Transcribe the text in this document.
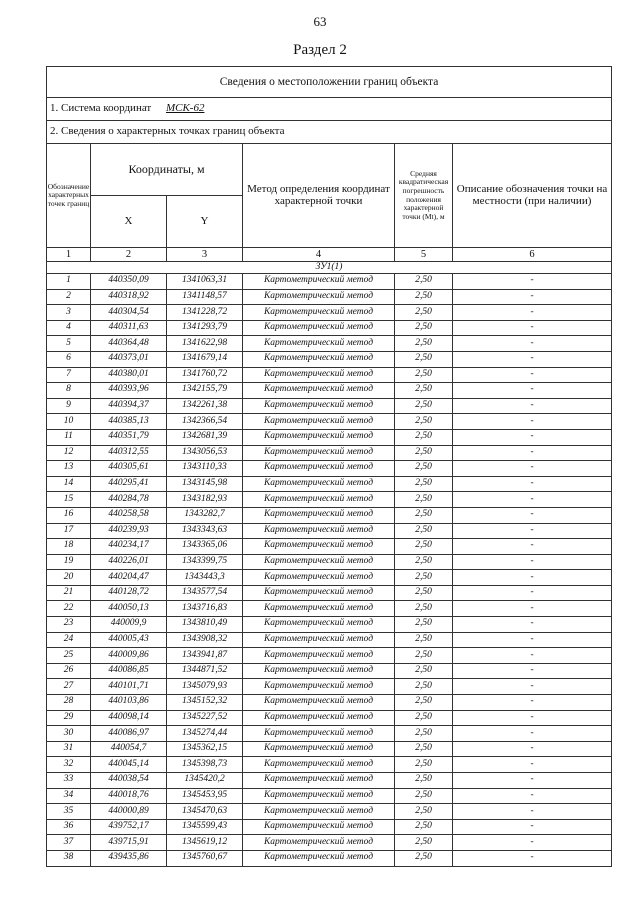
63
Раздел 2
Сведения о местоположении границ объекта					
1. Система координат МСК-62					
2. Сведения о характерных точках границ объекта					
Обозначение характерных точек границ	Координаты, м		Метод определения координат характерной точки	Средняя квадратическая погрешность положения характерной точки (Mt), м	Описание обозначения точки на местности (при наличии)
	X	Y			
1	2	3	4	5	6
ЗУ1(1)					
1	440350,09	1341063,31	Картометрический метод	2,50	-
2	440318,92	1341148,57	Картометрический метод	2,50	-
3	440304,54	1341228,72	Картометрический метод	2,50	-
4	440311,63	1341293,79	Картометрический метод	2,50	-
5	440364,48	1341622,98	Картометрический метод	2,50	-
6	440373,01	1341679,14	Картометрический метод	2,50	-
7	440380,01	1341760,72	Картометрический метод	2,50	-
8	440393,96	1342155,79	Картометрический метод	2,50	-
9	440394,37	1342261,38	Картометрический метод	2,50	-
10	440385,13	1342366,54	Картометрический метод	2,50	-
11	440351,79	1342681,39	Картометрический метод	2,50	-
12	440312,55	1343056,53	Картометрический метод	2,50	-
13	440305,61	1343110,33	Картометрический метод	2,50	-
14	440295,41	1343145,98	Картометрический метод	2,50	-
15	440284,78	1343182,93	Картометрический метод	2,50	-
16	440258,58	1343282,7	Картометрический метод	2,50	-
17	440239,93	1343343,63	Картометрический метод	2,50	-
18	440234,17	1343365,06	Картометрический метод	2,50	-
19	440226,01	1343399,75	Картометрический метод	2,50	-
20	440204,47	1343443,3	Картометрический метод	2,50	-
21	440128,72	1343577,54	Картометрический метод	2,50	-
22	440050,13	1343716,83	Картометрический метод	2,50	-
23	440009,9	1343810,49	Картометрический метод	2,50	-
24	440005,43	1343908,32	Картометрический метод	2,50	-
25	440009,86	1343941,87	Картометрический метод	2,50	-
26	440086,85	1344871,52	Картометрический метод	2,50	-
27	440101,71	1345079,93	Картометрический метод	2,50	-
28	440103,86	1345152,32	Картометрический метод	2,50	-
29	440098,14	1345227,52	Картометрический метод	2,50	-
30	440086,97	1345274,44	Картометрический метод	2,50	-
31	440054,7	1345362,15	Картометрический метод	2,50	-
32	440045,14	1345398,73	Картометрический метод	2,50	-
33	440038,54	1345420,2	Картометрический метод	2,50	-
34	440018,76	1345453,95	Картометрический метод	2,50	-
35	440000,89	1345470,63	Картометрический метод	2,50	-
36	439752,17	1345599,43	Картометрический метод	2,50	-
37	439715,91	1345619,12	Картометрический метод	2,50	-
38	439435,86	1345760,67	Картометрический метод	2,50	-
